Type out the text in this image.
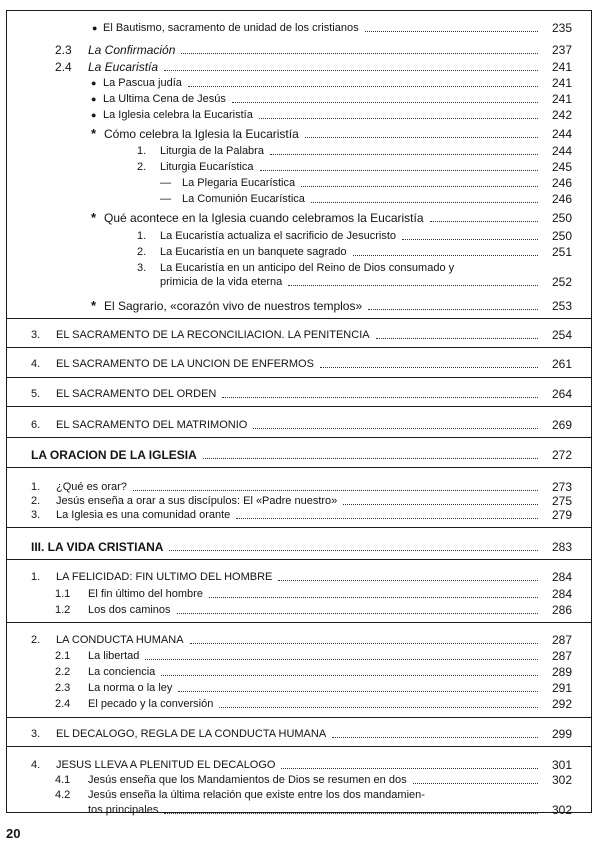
● El Bautismo, sacramento de unidad de los cristianos	235
2.3 La Confirmación	237
2.4 La Eucaristía	241
● La Pascua judía	241
● La Ultima Cena de Jesús	241
● La Iglesia celebra la Eucaristía	242
* Cómo celebra la Iglesia la Eucaristía	244
1. Liturgia de la Palabra	244
2. Liturgia Eucarística	245
— La Plegaria Eucarística	246
— La Comunión Eucarística	246
* Qué acontece en la Iglesia cuando celebramos la Eucaristía	250
1. La Eucaristía actualiza el sacrificio de Jesucristo	250
2. La Eucaristía en un banquete sagrado	251
3. La Eucaristía en un anticipo del Reino de Dios consumado y
primicia de la vida eterna	252
* El Sagrario, «corazón vivo de nuestros templos»	253
3. EL SACRAMENTO DE LA RECONCILIACION. LA PENITENCIA	254
4. EL SACRAMENTO DE LA UNCION DE ENFERMOS	261
5. EL SACRAMENTO DEL ORDEN	264
6. EL SACRAMENTO DEL MATRIMONIO	269
LA ORACION DE LA IGLESIA	272
1. ¿Qué es orar?	273
2. Jesús enseña a orar a sus discípulos: El «Padre nuestro»	275
3. La Iglesia es una comunidad orante	279
III. LA VIDA CRISTIANA	283
1. LA FELICIDAD: FIN ULTIMO DEL HOMBRE	284
1.1 El fin último del hombre	284
1.2 Los dos caminos	286
2. LA CONDUCTA HUMANA	287
2.1 La libertad	287
2.2 La conciencia	289
2.3 La norma o la ley	291
2.4 El pecado y la conversión	292
3. EL DECALOGO, REGLA DE LA CONDUCTA HUMANA	299
4. JESUS LLEVA A PLENITUD EL DECALOGO	301
4.1 Jesús enseña que los Mandamientos de Dios se resumen en dos	302
4.2 Jesús enseña la última relación que existe entre los dos mandamien-
tos principales	302
20
